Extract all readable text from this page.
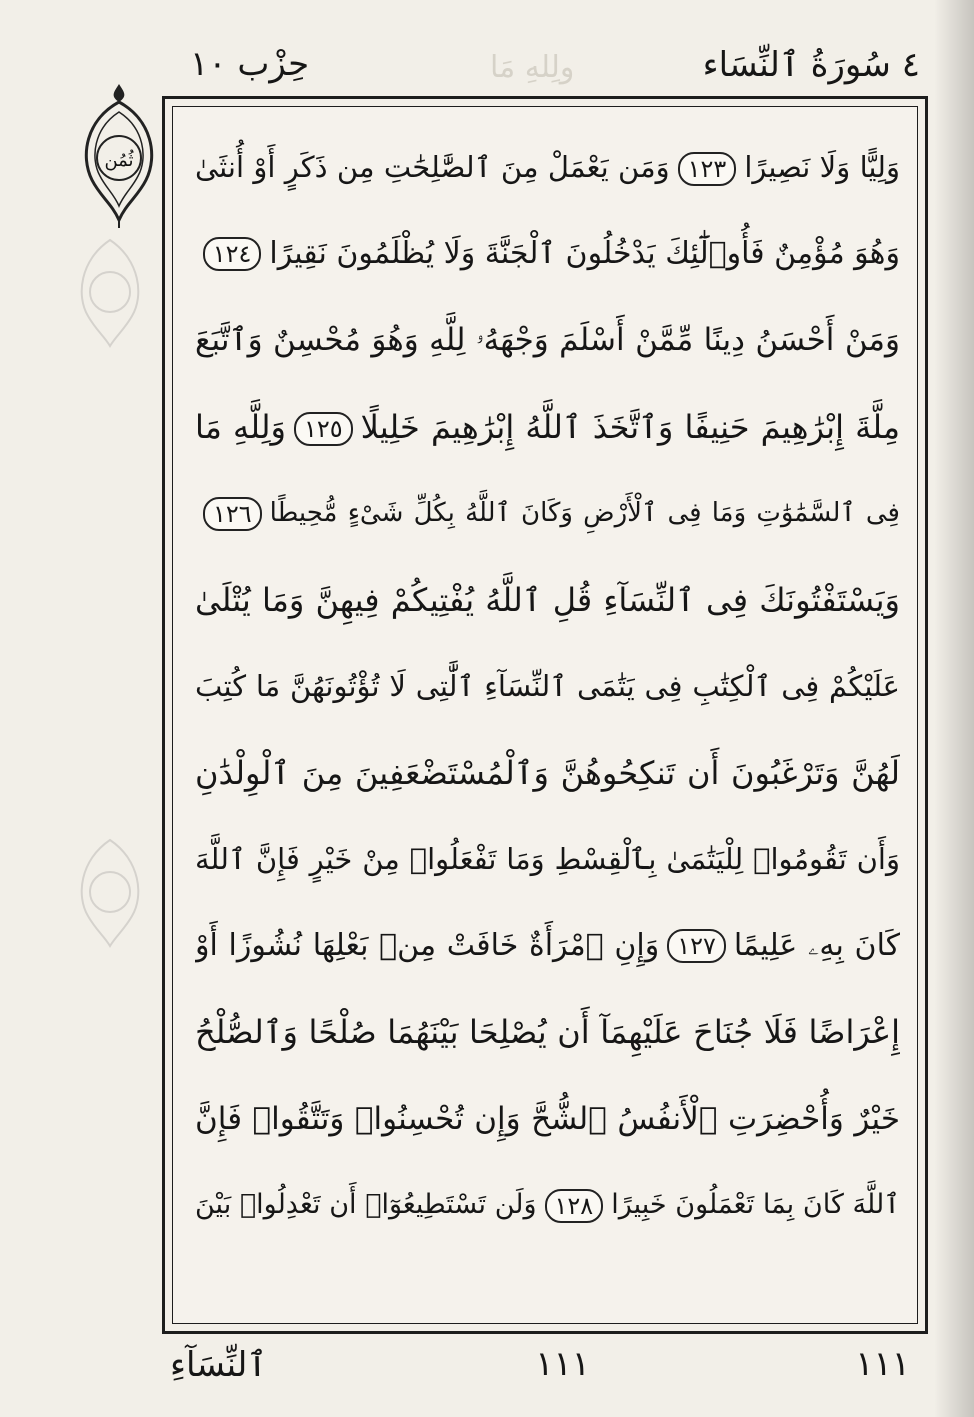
٤ سُورَةُ ٱلنِّسَاء
ولِلهِ مَا
حِزْب ١٠
ثُمُن	وَلِيًّا وَلَا نَصِيرًا١٢٣وَمَن يَعْمَلْ مِنَ ٱلصَّٰلِحَٰتِ مِن ذَكَرٍ أَوْ أُنثَىٰ
وَهُوَ مُؤْمِنٌ فَأُو۟لَٰٓئِكَ يَدْخُلُونَ ٱلْجَنَّةَ وَلَا يُظْلَمُونَ نَقِيرًا١٢٤
وَمَنْ أَحْسَنُ دِينًا مِّمَّنْ أَسْلَمَ وَجْهَهُۥ لِلَّهِ وَهُوَ مُحْسِنٌ وَٱتَّبَعَ
مِلَّةَ إِبْرَٰهِيمَ حَنِيفًا وَٱتَّخَذَ ٱللَّهُ إِبْرَٰهِيمَ خَلِيلًا١٢٥وَلِلَّهِ مَا
فِى ٱلسَّمَٰوَٰتِ وَمَا فِى ٱلْأَرْضِ وَكَانَ ٱللَّهُ بِكُلِّ شَىْءٍ مُّحِيطًا١٢٦
وَيَسْتَفْتُونَكَ فِى ٱلنِّسَآءِ قُلِ ٱللَّهُ يُفْتِيكُمْ فِيهِنَّ وَمَا يُتْلَىٰ
عَلَيْكُمْ فِى ٱلْكِتَٰبِ فِى يَتَٰمَى ٱلنِّسَآءِ ٱلَّٰتِى لَا تُؤْتُونَهُنَّ مَا كُتِبَ
لَهُنَّ وَتَرْغَبُونَ أَن تَنكِحُوهُنَّ وَٱلْمُسْتَضْعَفِينَ مِنَ ٱلْوِلْدَٰنِ
وَأَن تَقُومُوا۟ لِلْيَتَٰمَىٰ بِٱلْقِسْطِ وَمَا تَفْعَلُوا۟ مِنْ خَيْرٍ فَإِنَّ ٱللَّهَ
كَانَ بِهِۦ عَلِيمًا١٢٧وَإِنِ ٱمْرَأَةٌ خَافَتْ مِنۢ بَعْلِهَا نُشُوزًا أَوْ
إِعْرَاضًا فَلَا جُنَاحَ عَلَيْهِمَآ أَن يُصْلِحَا بَيْنَهُمَا صُلْحًا وَٱلصُّلْحُ
خَيْرٌ وَأُحْضِرَتِ ٱلْأَنفُسُ ٱلشُّحَّ وَإِن تُحْسِنُوا۟ وَتَتَّقُوا۟ فَإِنَّ
ٱللَّهَ كَانَ بِمَا تَعْمَلُونَ خَبِيرًا١٢٨وَلَن تَسْتَطِيعُوٓا۟ أَن تَعْدِلُوا۟ بَيْنَ
١١١
١١١
ٱلنِّسَآءِ
